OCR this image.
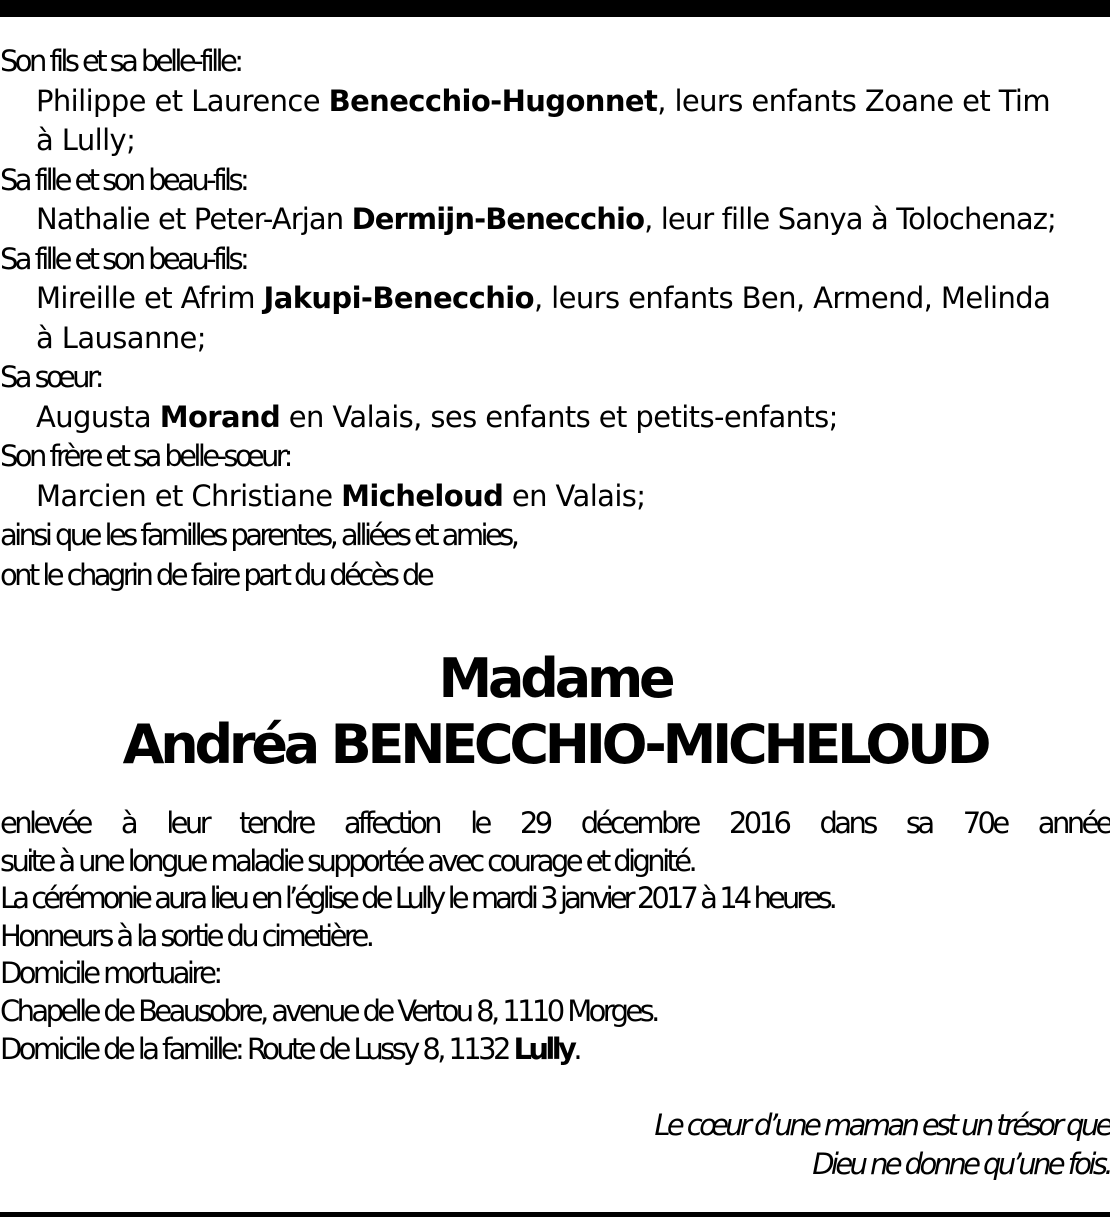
Son fils et sa belle-fille:
Philippe et Laurence Benecchio-Hugonnet, leurs enfants Zoane et Tim
à Lully;
Sa fille et son beau-fils:
Nathalie et Peter-Arjan Dermijn-Benecchio, leur fille Sanya à Tolochenaz;
Sa fille et son beau-fils:
Mireille et Afrim Jakupi-Benecchio, leurs enfants Ben, Armend, Melinda
à Lausanne;
Sa sœur:
Augusta Morand en Valais, ses enfants et petits-enfants;
Son frère et sa belle-sœur:
Marcien et Christiane Micheloud en Valais;
ainsi que les familles parentes, alliées et amies,
ont le chagrin de faire part du décès de
Madame
Andréa BENECCHIO-MICHELOUD
enlevée à leur tendre affection le 29 décembre 2016 dans sa 70e année
suite à une longue maladie supportée avec courage et dignité.
La cérémonie aura lieu en l’église de Lully le mardi 3 janvier 2017 à 14 heures.
Honneurs à la sortie du cimetière.
Domicile mortuaire:
Chapelle de Beausobre, avenue de Vertou 8, 1110 Morges.
Domicile de la famille: Route de Lussy 8, 1132 Lully.
Le cœur d’une maman est un trésor que
Dieu ne donne qu’une fois.
